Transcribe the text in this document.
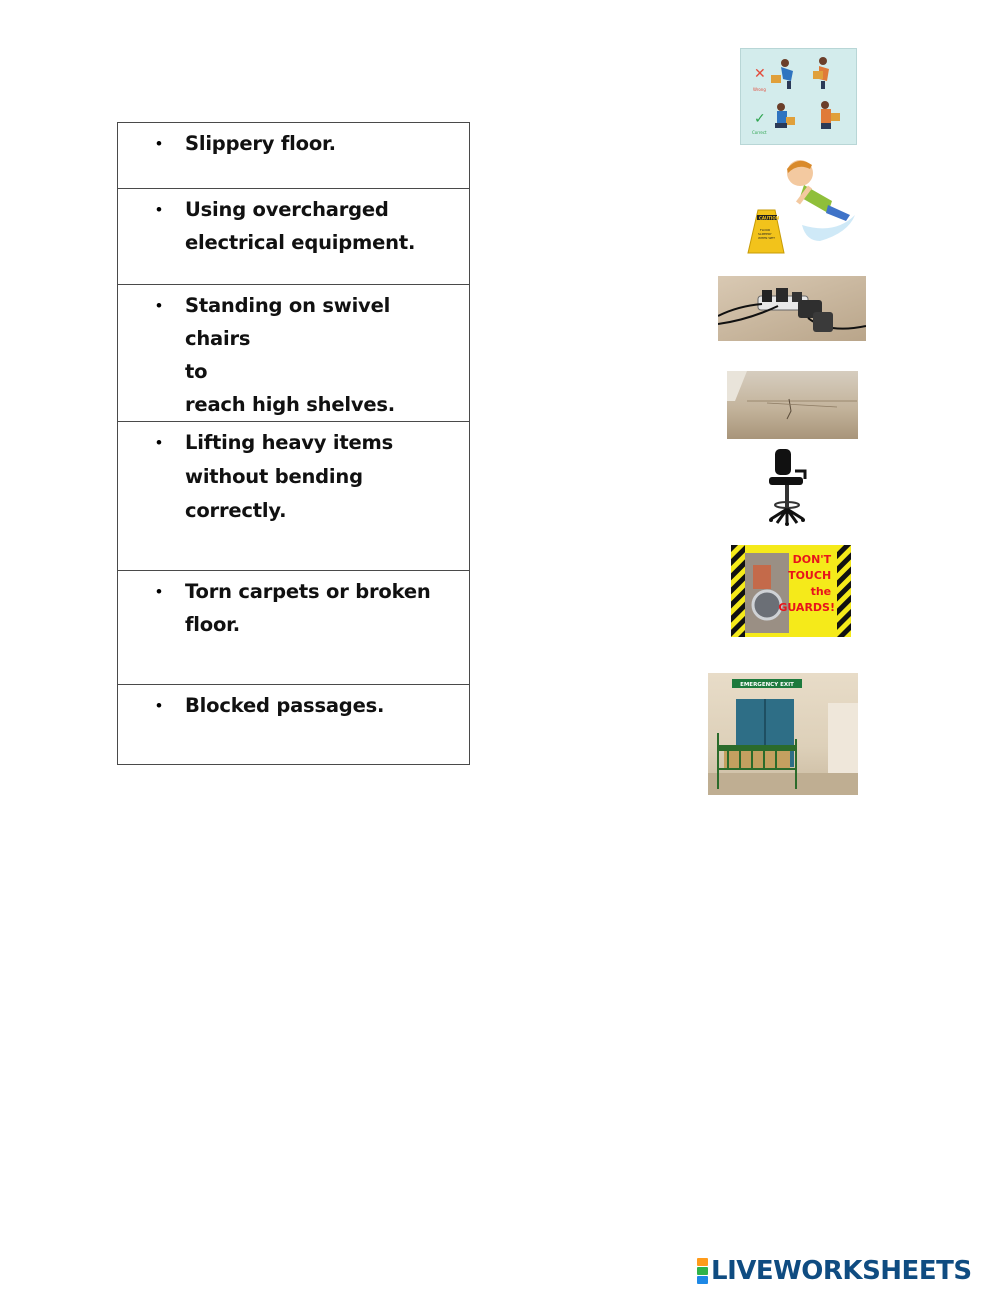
• Slippery floor.

• Using overcharged
electrical equipment.

• Standing on swivel chairs
to
reach high shelves.

• Lifting heavy items
without bending
correctly.

• Torn carpets or broken
floor.

• Blocked passages.
✕
Wrong
✓
Correct
CAUTION
FLOOR
SLIPPERY
WHEN WET
DON'T TOUCH the GUARDS!
EMERGENCY EXIT
LIVEWORKSHEETS
